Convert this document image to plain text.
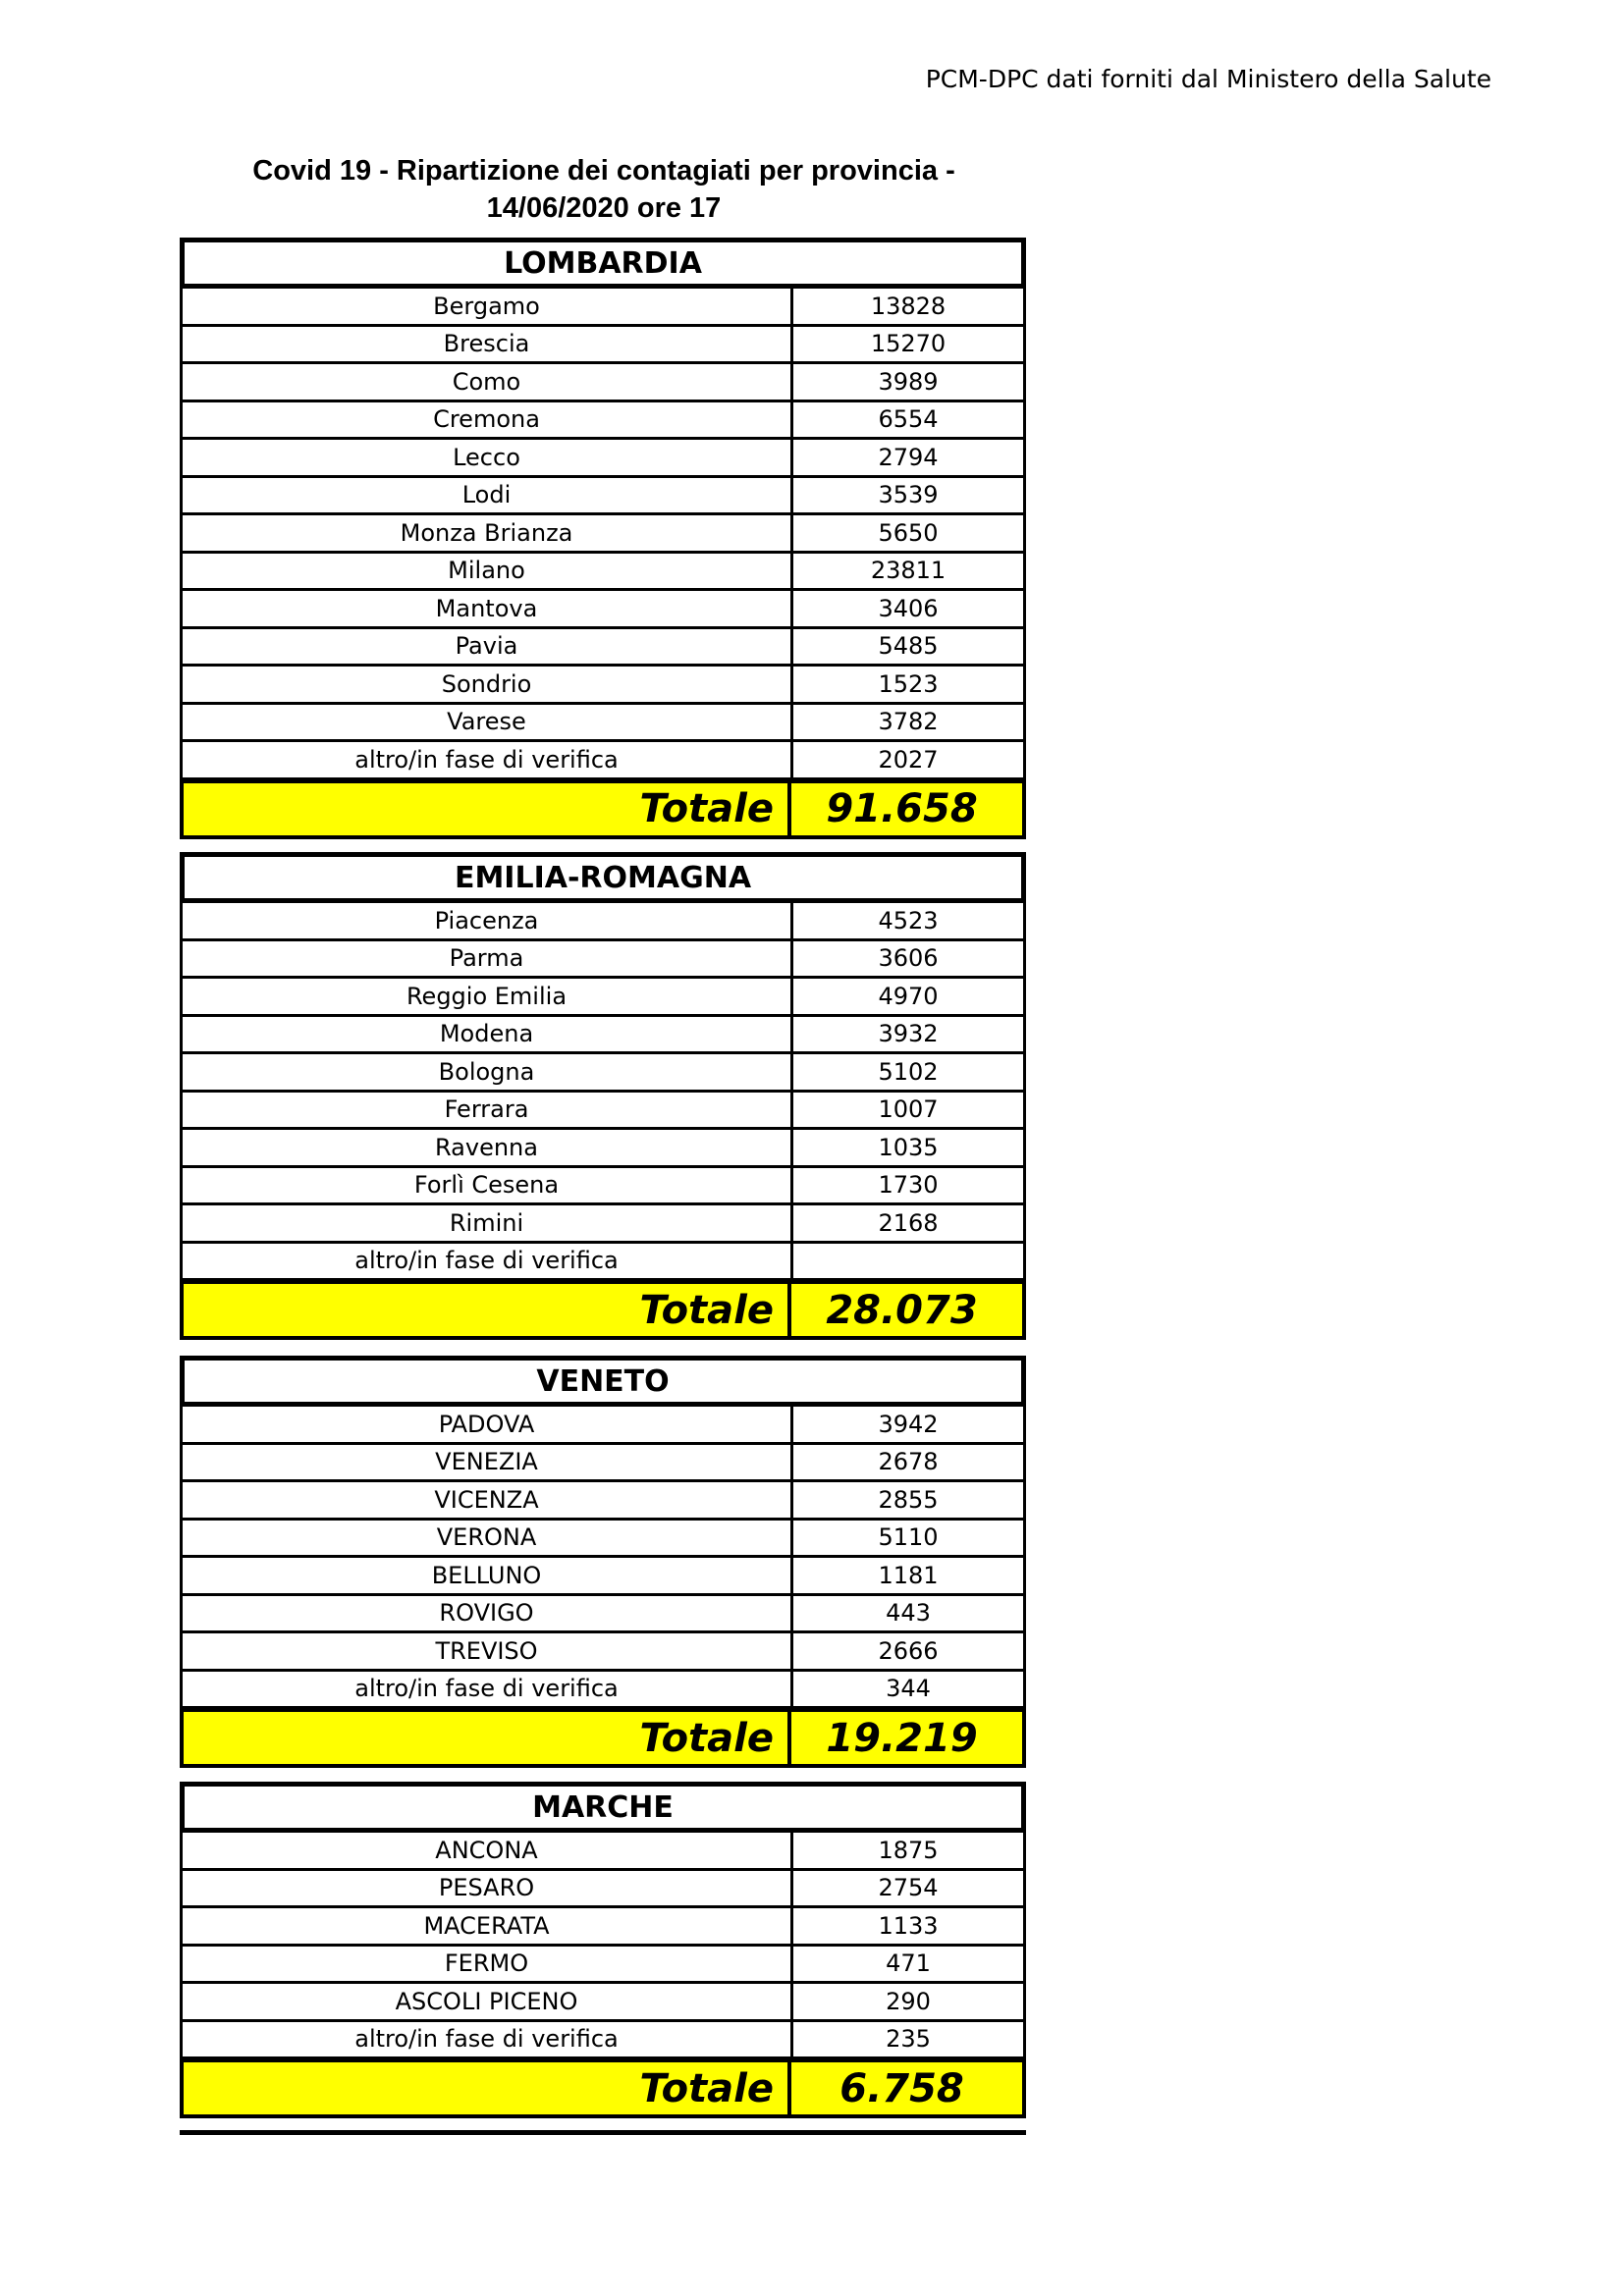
PCM-DPC dati forniti dal Ministero della Salute
Covid 19 - Ripartizione dei contagiati per provincia -
14/06/2020 ore 17
LOMBARDIA
Bergamo	13828
Brescia	15270
Como	3989
Cremona	6554
Lecco	2794
Lodi	3539
Monza Brianza	5650
Milano	23811
Mantova	3406
Pavia	5485
Sondrio	1523
Varese	3782
altro/in fase di verifica	2027
Totale	91.658
EMILIA-ROMAGNA
Piacenza	4523
Parma	3606
Reggio Emilia	4970
Modena	3932
Bologna	5102
Ferrara	1007
Ravenna	1035
Forlì Cesena	1730
Rimini	2168
altro/in fase di verifica
Totale	28.073
VENETO
PADOVA	3942
VENEZIA	2678
VICENZA	2855
VERONA	5110
BELLUNO	1181
ROVIGO	443
TREVISO	2666
altro/in fase di verifica	344
Totale	19.219
MARCHE
ANCONA	1875
PESARO	2754
MACERATA	1133
FERMO	471
ASCOLI PICENO	290
altro/in fase di verifica	235
Totale	6.758
